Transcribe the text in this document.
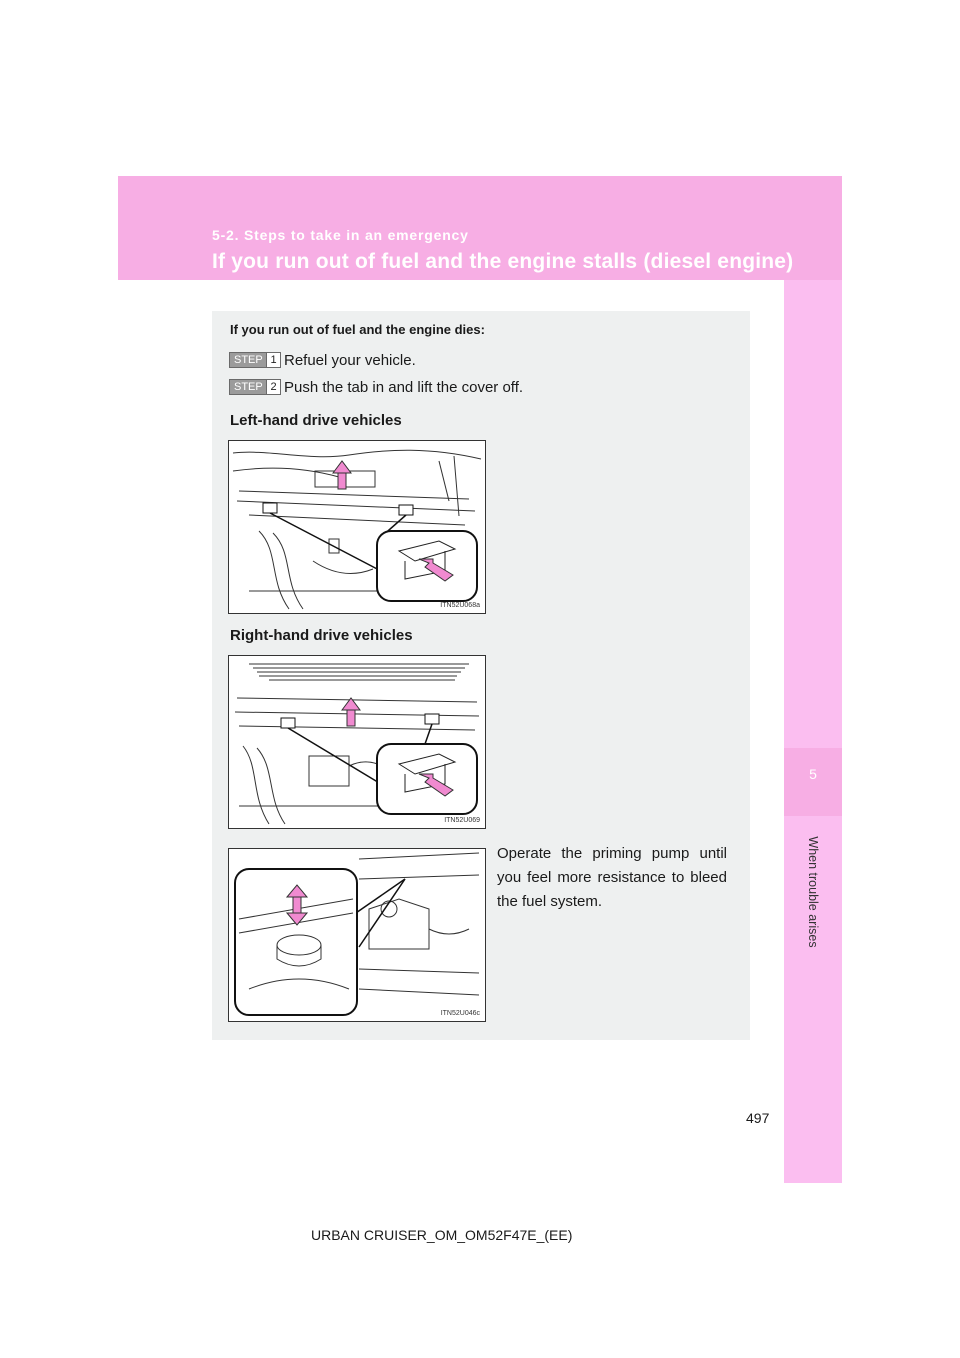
5-2. Steps to take in an emergency
If you run out of fuel and the engine stalls (diesel engine)
5
When trouble arises
If you run out of fuel and the engine dies:
STEP 1 Refuel your vehicle.
STEP 2 Push the tab in and lift the cover off.
Left-hand drive vehicles
ITN52U068a
Right-hand drive vehicles
ITN52U069
Operate the priming pump until you feel more resistance to bleed the fuel system.
ITN52U046c
497
URBAN CRUISER_OM_OM52F47E_(EE)
